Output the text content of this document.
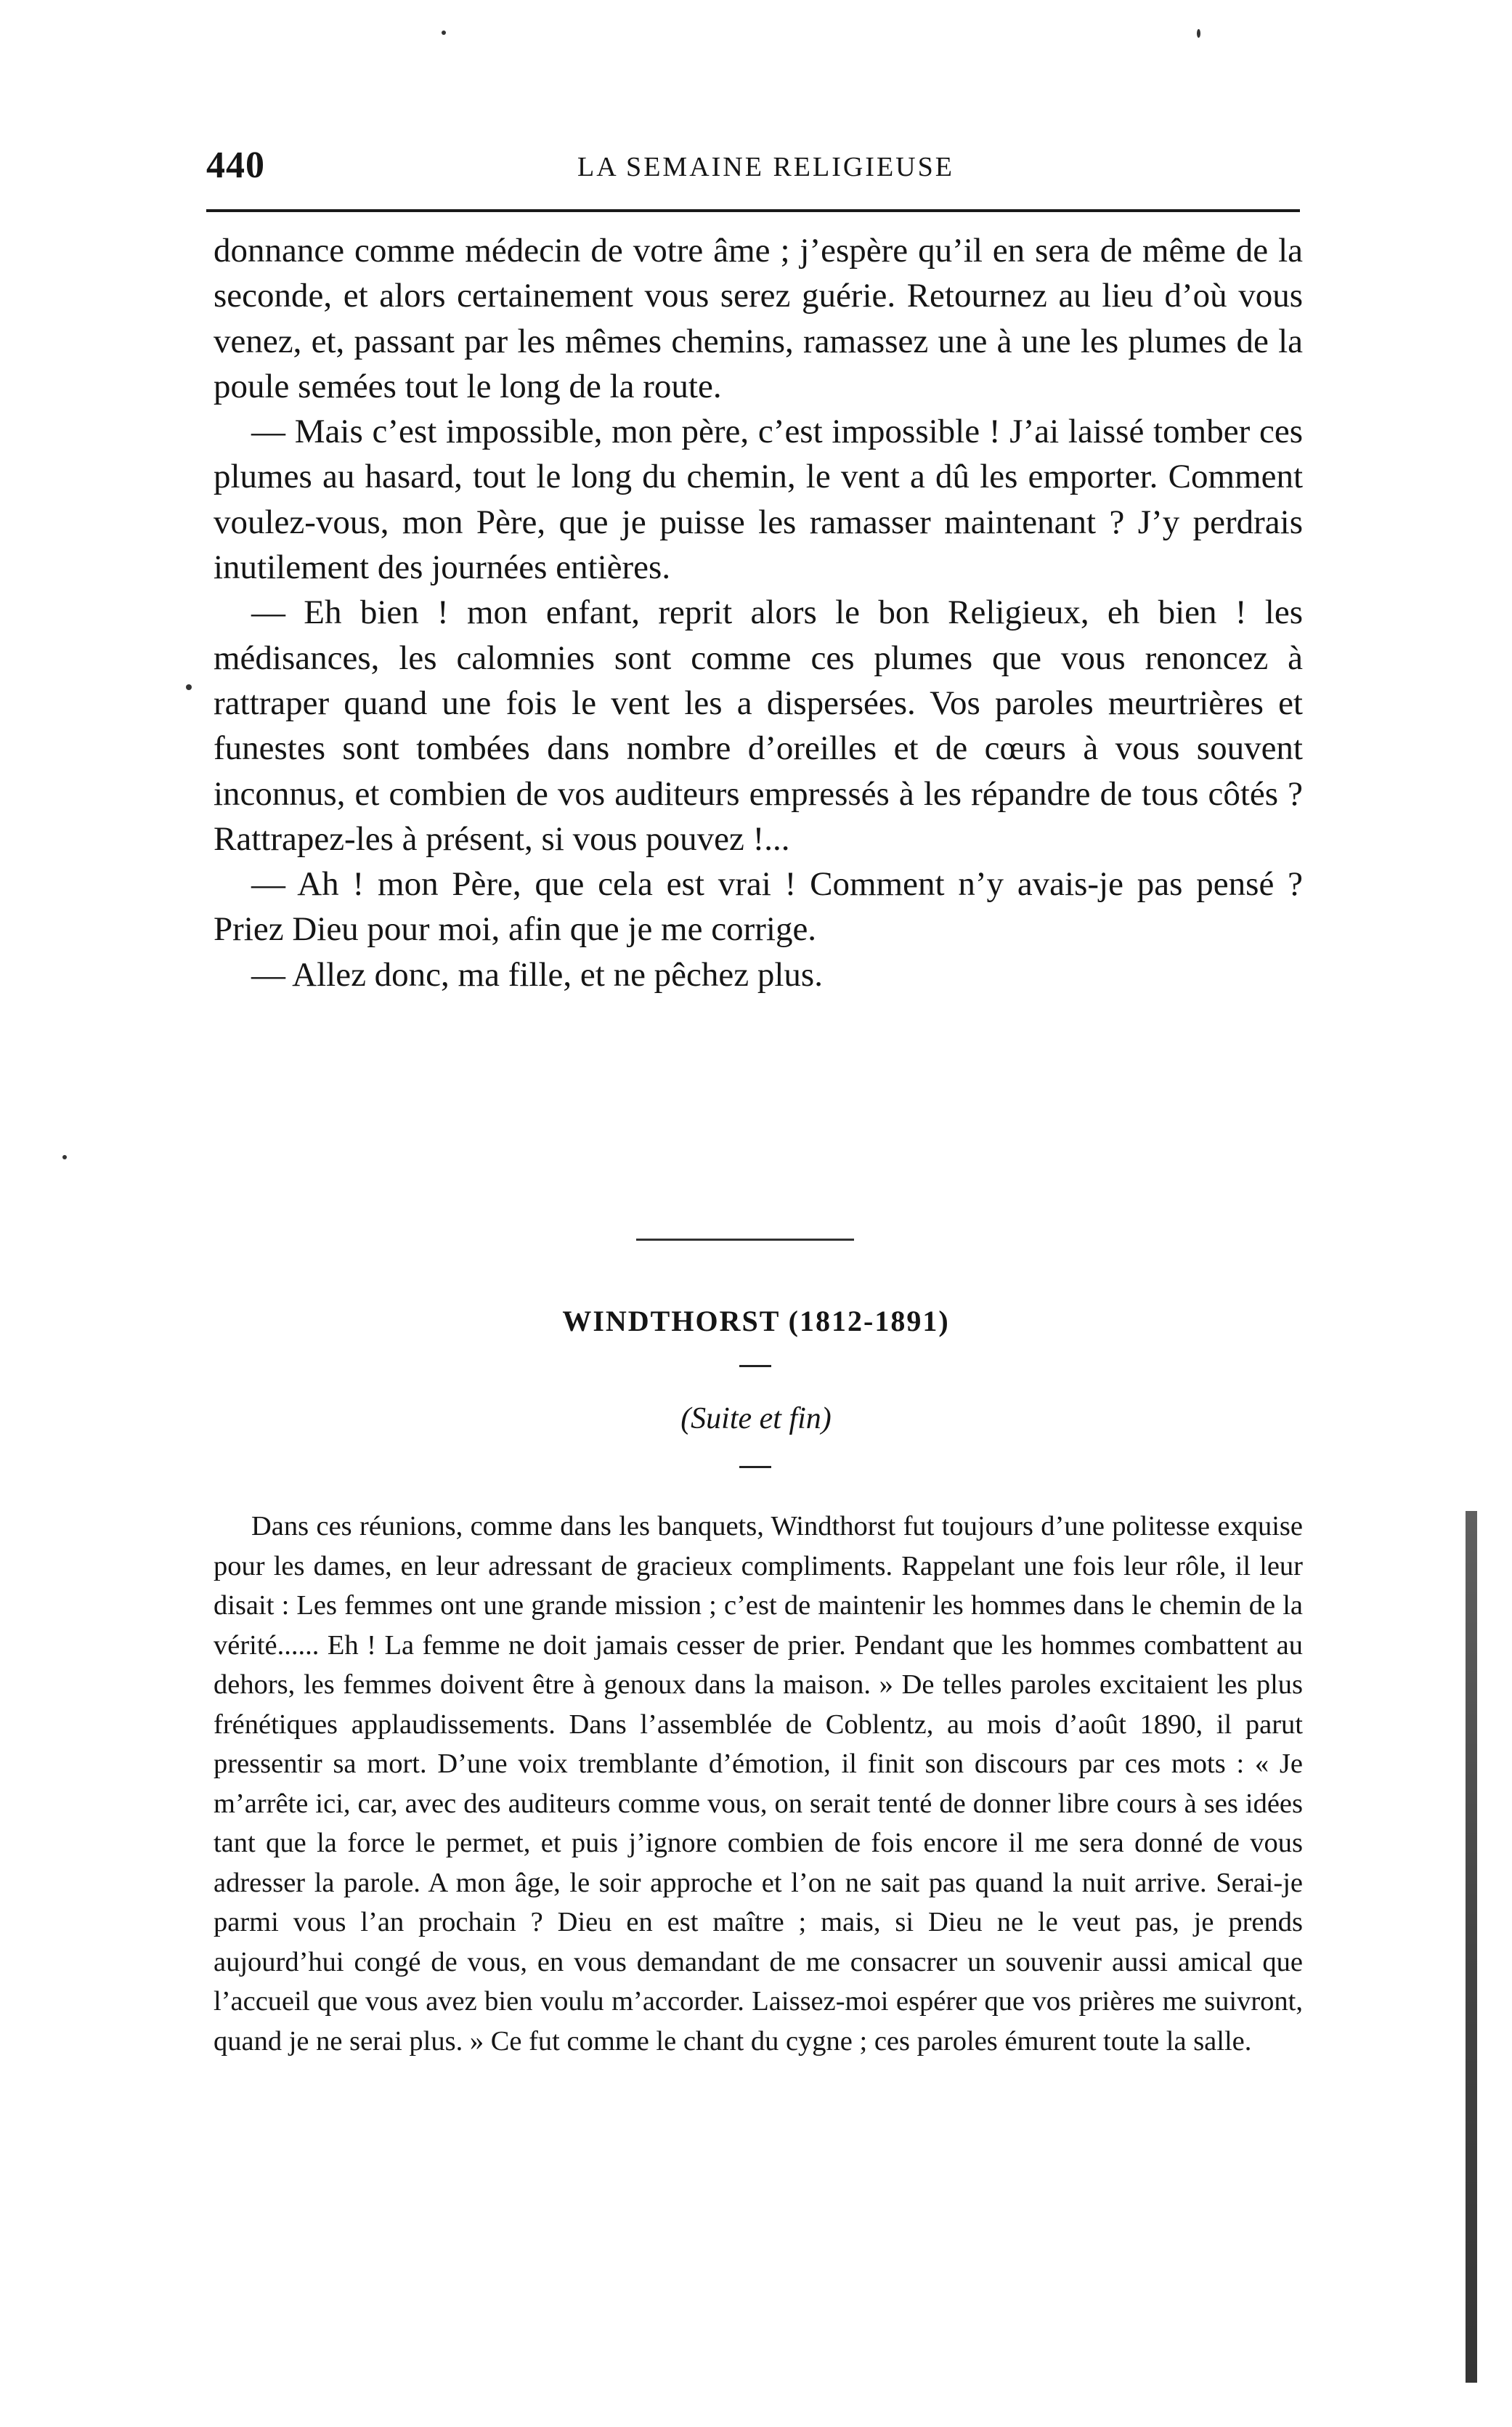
440	LA SEMAINE RELIGIEUSE

donnance comme médecin de votre âme ; j’espère qu’il en sera de même de la seconde, et alors certainement vous serez guérie. Retournez au lieu d’où vous venez, et, passant par les mêmes chemins, ramassez une à une les plumes de la poule semées tout le long de la route.

— Mais c’est impossible, mon père, c’est impossible ! J’ai laissé tomber ces plumes au hasard, tout le long du chemin, le vent a dû les emporter. Comment voulez-vous, mon Père, que je puisse les ramasser maintenant ? J’y perdrais inutilement des journées entières.

— Eh bien ! mon enfant, reprit alors le bon Religieux, eh bien ! les médisances, les calomnies sont comme ces plumes que vous renoncez à rattraper quand une fois le vent les a dispersées. Vos paroles meurtrières et funestes sont tombées dans nombre d’oreilles et de cœurs à vous souvent inconnus, et combien de vos auditeurs empressés à les répandre de tous côtés ? Rattrapez-les à présent, si vous pouvez !...

— Ah ! mon Père, que cela est vrai ! Comment n’y avais-je pas pensé ? Priez Dieu pour moi, afin que je me corrige.

— Allez donc, ma fille, et ne pêchez plus.

WINDTHORST (1812-1891)
(Suite et fin)

Dans ces réunions, comme dans les banquets, Windthorst fut toujours d’une politesse exquise pour les dames, en leur adressant de gracieux compliments. Rappelant une fois leur rôle, il leur disait : Les femmes ont une grande mission ; c’est de maintenir les hommes dans le chemin de la vérité...... Eh ! La femme ne doit jamais cesser de prier. Pendant que les hommes combattent au dehors, les femmes doivent être à genoux dans la maison. » De telles paroles excitaient les plus frénétiques applaudissements. Dans l’assemblée de Coblentz, au mois d’août 1890, il parut pressentir sa mort. D’une voix tremblante d’émotion, il finit son discours par ces mots : « Je m’arrête ici, car, avec des auditeurs comme vous, on serait tenté de donner libre cours à ses idées tant que la force le permet, et puis j’ignore combien de fois encore il me sera donné de vous adresser la parole. A mon âge, le soir approche et l’on ne sait pas quand la nuit arrive. Serai-je parmi vous l’an prochain ? Dieu en est maître ; mais, si Dieu ne le veut pas, je prends aujourd’hui congé de vous, en vous demandant de me consacrer un souvenir aussi amical que l’accueil que vous avez bien voulu m’accorder. Laissez-moi espérer que vos prières me suivront, quand je ne serai plus. » Ce fut comme le chant du cygne ; ces paroles émurent toute la salle.
